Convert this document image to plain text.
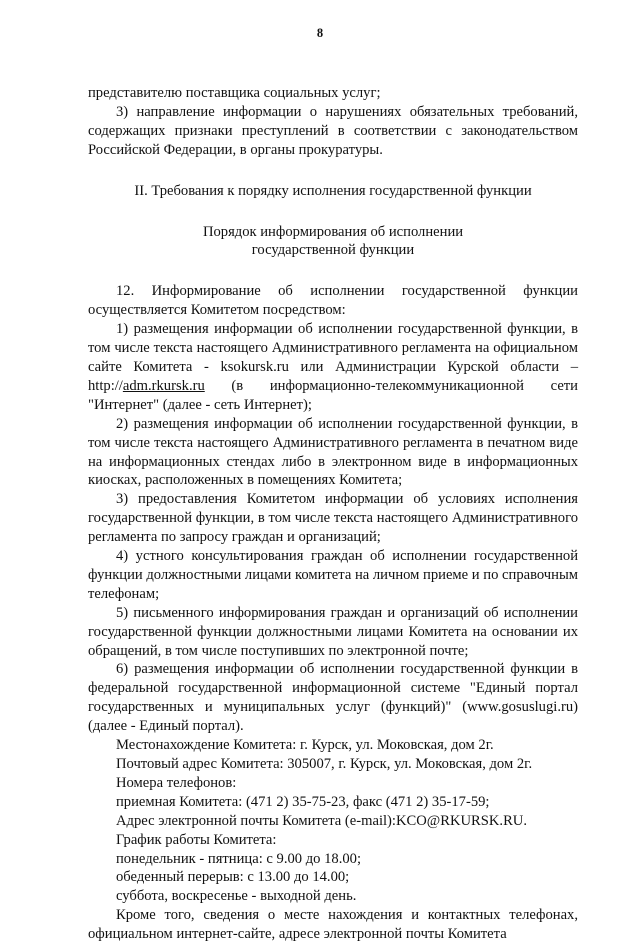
8

представителю поставщика социальных услуг;

3) направление информации о нарушениях обязательных требований, содержащих признаки преступлений в соответствии с законодательством Российской Федерации, в органы прокуратуры.

II. Требования к порядку исполнения государственной функции
Порядок информирования об исполнении
государственной функции

12. Информирование об исполнении государственной функции осуществляется Комитетом посредством:

1) размещения информации об исполнении государственной функции, в том числе текста настоящего Административного регламента на официальном сайте Комитета - ksokursk.ru или Администрации Курской области – http://adm.rkursk.ru (в информационно-телекоммуникационной сети "Интернет" (далее - сеть Интернет);

2) размещения информации об исполнении государственной функции, в том числе текста настоящего Административного регламента в печатном виде на информационных стендах либо в электронном виде в информационных киосках, расположенных в помещениях Комитета;

3) предоставления Комитетом информации об условиях исполнения государственной функции, в том числе текста настоящего Административного регламента по запросу граждан и организаций;

4) устного консультирования граждан об исполнении государственной функции должностными лицами комитета на личном приеме и по справочным телефонам;

5) письменного информирования граждан и организаций об исполнении государственной функции должностными лицами Комитета на основании их обращений, в том числе поступивших по электронной почте;

6) размещения информации об исполнении государственной функции в федеральной государственной информационной системе "Единый портал государственных и муниципальных услуг (функций)" (www.gosuslugi.ru) (далее - Единый портал).

Местонахождение Комитета: г. Курск, ул. Моковская, дом 2г.

Почтовый адрес Комитета: 305007, г. Курск, ул. Моковская, дом 2г.

Номера телефонов:

приемная Комитета: (471 2) 35-75-23, факс (471 2) 35-17-59;

Адрес электронной почты Комитета (e-mail):KCO@RKURSK.RU.

График работы Комитета:

понедельник - пятница: с 9.00 до 18.00;

обеденный перерыв: с 13.00 до 14.00;

суббота, воскресенье - выходной день.

Кроме того, сведения о месте нахождения и контактных телефонах, официальном интернет-сайте, адресе электронной почты Комитета
